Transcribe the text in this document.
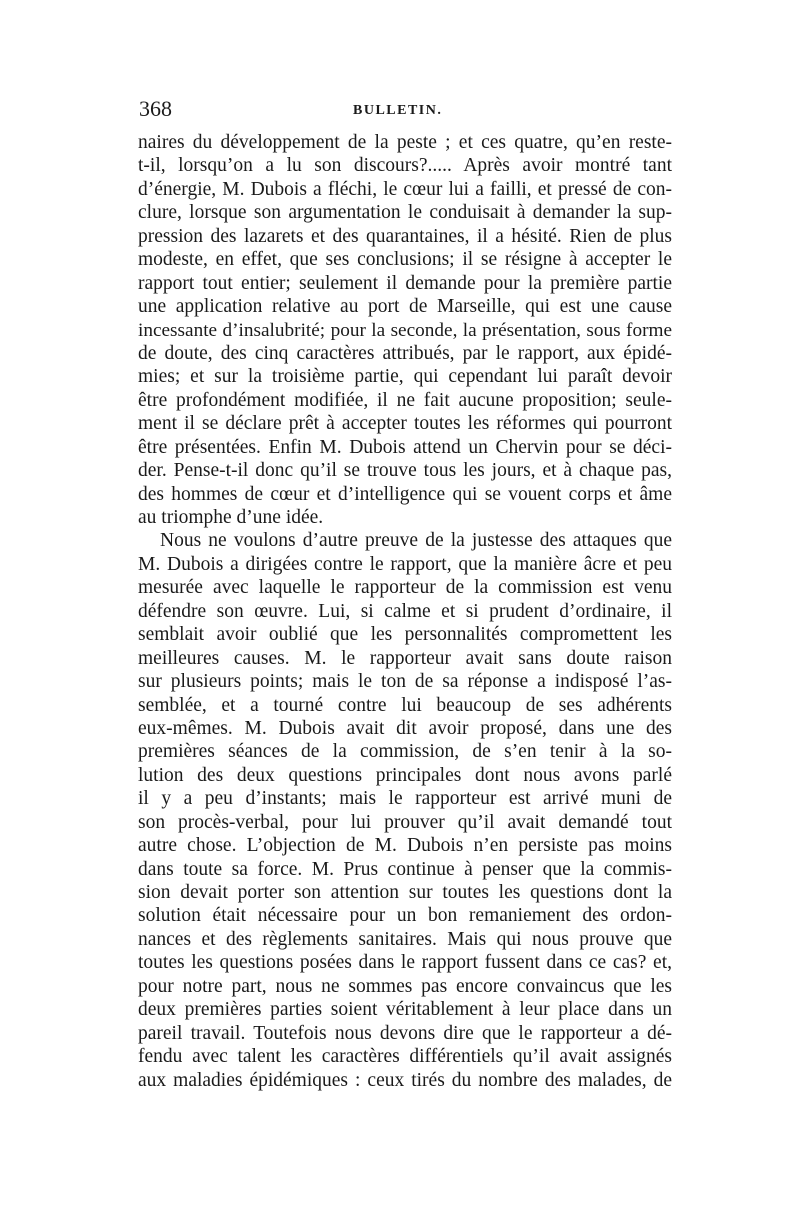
368	BULLETIN.
naires du développement de la peste ; et ces quatre, qu’en reste-
t-il, lorsqu’on a lu son discours?..... Après avoir montré tant
d’énergie, M. Dubois a fléchi, le cœur lui a failli, et pressé de con-
clure, lorsque son argumentation le conduisait à demander la sup-
pression des lazarets et des quarantaines, il a hésité. Rien de plus
modeste, en effet, que ses conclusions; il se résigne à accepter le
rapport tout entier; seulement il demande pour la première partie
une application relative au port de Marseille, qui est une cause
incessante d’insalubrité; pour la seconde, la présentation, sous forme
de doute, des cinq caractères attribués, par le rapport, aux épidé-
mies; et sur la troisième partie, qui cependant lui paraît devoir
être profondément modifiée, il ne fait aucune proposition; seule-
ment il se déclare prêt à accepter toutes les réformes qui pourront
être présentées. Enfin M. Dubois attend un Chervin pour se déci-
der. Pense-t-il donc qu’il se trouve tous les jours, et à chaque pas,
des hommes de cœur et d’intelligence qui se vouent corps et âme
au triomphe d’une idée.
Nous ne voulons d’autre preuve de la justesse des attaques que
M. Dubois a dirigées contre le rapport, que la manière âcre et peu
mesurée avec laquelle le rapporteur de la commission est venu
défendre son œuvre. Lui, si calme et si prudent d’ordinaire, il
semblait avoir oublié que les personnalités compromettent les
meilleures causes. M. le rapporteur avait sans doute raison
sur plusieurs points; mais le ton de sa réponse a indisposé l’as-
semblée, et a tourné contre lui beaucoup de ses adhérents
eux-mêmes. M. Dubois avait dit avoir proposé, dans une des
premières séances de la commission, de s’en tenir à la so-
lution des deux questions principales dont nous avons parlé
il y a peu d’instants; mais le rapporteur est arrivé muni de
son procès-verbal, pour lui prouver qu’il avait demandé tout
autre chose. L’objection de M. Dubois n’en persiste pas moins
dans toute sa force. M. Prus continue à penser que la commis-
sion devait porter son attention sur toutes les questions dont la
solution était nécessaire pour un bon remaniement des ordon-
nances et des règlements sanitaires. Mais qui nous prouve que
toutes les questions posées dans le rapport fussent dans ce cas? et,
pour notre part, nous ne sommes pas encore convaincus que les
deux premières parties soient véritablement à leur place dans un
pareil travail. Toutefois nous devons dire que le rapporteur a dé-
fendu avec talent les caractères différentiels qu’il avait assignés
aux maladies épidémiques : ceux tirés du nombre des malades, de
